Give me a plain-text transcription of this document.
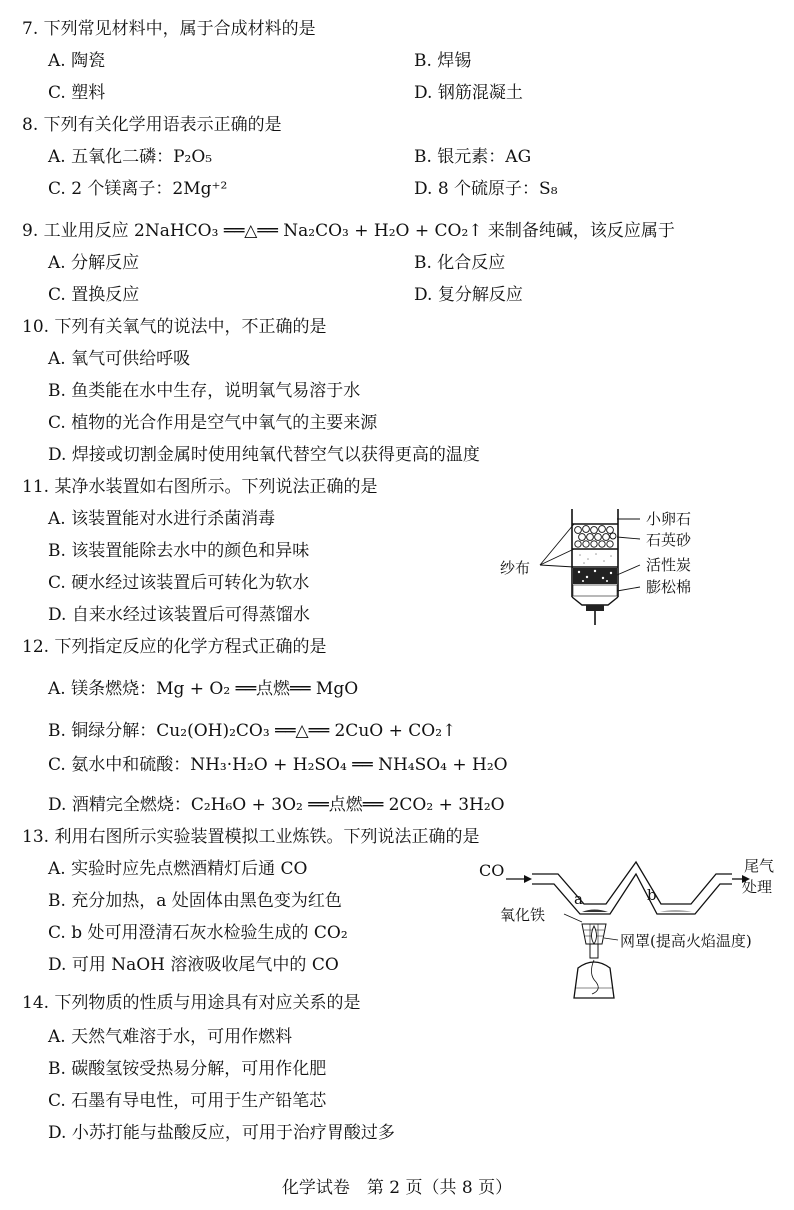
7. 下列常见材料中，属于合成材料的是
A. 陶瓷	B. 焊锡
C. 塑料	D. 钢筋混凝土
8. 下列有关化学用语表示正确的是
A. 五氧化二磷：P₂O₅	B. 银元素：AG
C. 2 个镁离子：2Mg⁺²	D. 8 个硫原子：S₈
9. 工业用反应 2NaHCO₃ ══△══ Na₂CO₃ + H₂O + CO₂↑ 来制备纯碱，该反应属于
A. 分解反应	B. 化合反应
C. 置换反应	D. 复分解反应
10. 下列有关氧气的说法中，不正确的是
A. 氧气可供给呼吸
B. 鱼类能在水中生存，说明氧气易溶于水
C. 植物的光合作用是空气中氧气的主要来源
D. 焊接或切割金属时使用纯氧代替空气以获得更高的温度
11. 某净水装置如右图所示。下列说法正确的是
A. 该装置能对水进行杀菌消毒
B. 该装置能除去水中的颜色和异味
C. 硬水经过该装置后可转化为软水
D. 自来水经过该装置后可得蒸馏水
纱布
小卵石
石英砂
活性炭
膨松棉
12. 下列指定反应的化学方程式正确的是
A. 镁条燃烧：Mg + O₂ ══点燃══ MgO
B. 铜绿分解：Cu₂(OH)₂CO₃ ══△══ 2CuO + CO₂↑
C. 氨水中和硫酸：NH₃·H₂O + H₂SO₄ ══ NH₄SO₄ + H₂O
D. 酒精完全燃烧：C₂H₆O + 3O₂ ══点燃══ 2CO₂ + 3H₂O
13. 利用右图所示实验装置模拟工业炼铁。下列说法正确的是
A. 实验时应先点燃酒精灯后通 CO
B. 充分加热，a 处固体由黑色变为红色
C. b 处可用澄清石灰水检验生成的 CO₂
D. 可用 NaOH 溶液吸收尾气中的 CO
CO
a	b
尾气
处理
氧化铁
网罩(提高火焰温度)
14. 下列物质的性质与用途具有对应关系的是
A. 天然气难溶于水，可用作燃料
B. 碳酸氢铵受热易分解，可用作化肥
C. 石墨有导电性，可用于生产铅笔芯
D. 小苏打能与盐酸反应，可用于治疗胃酸过多
化学试卷　第 2 页（共 8 页）
